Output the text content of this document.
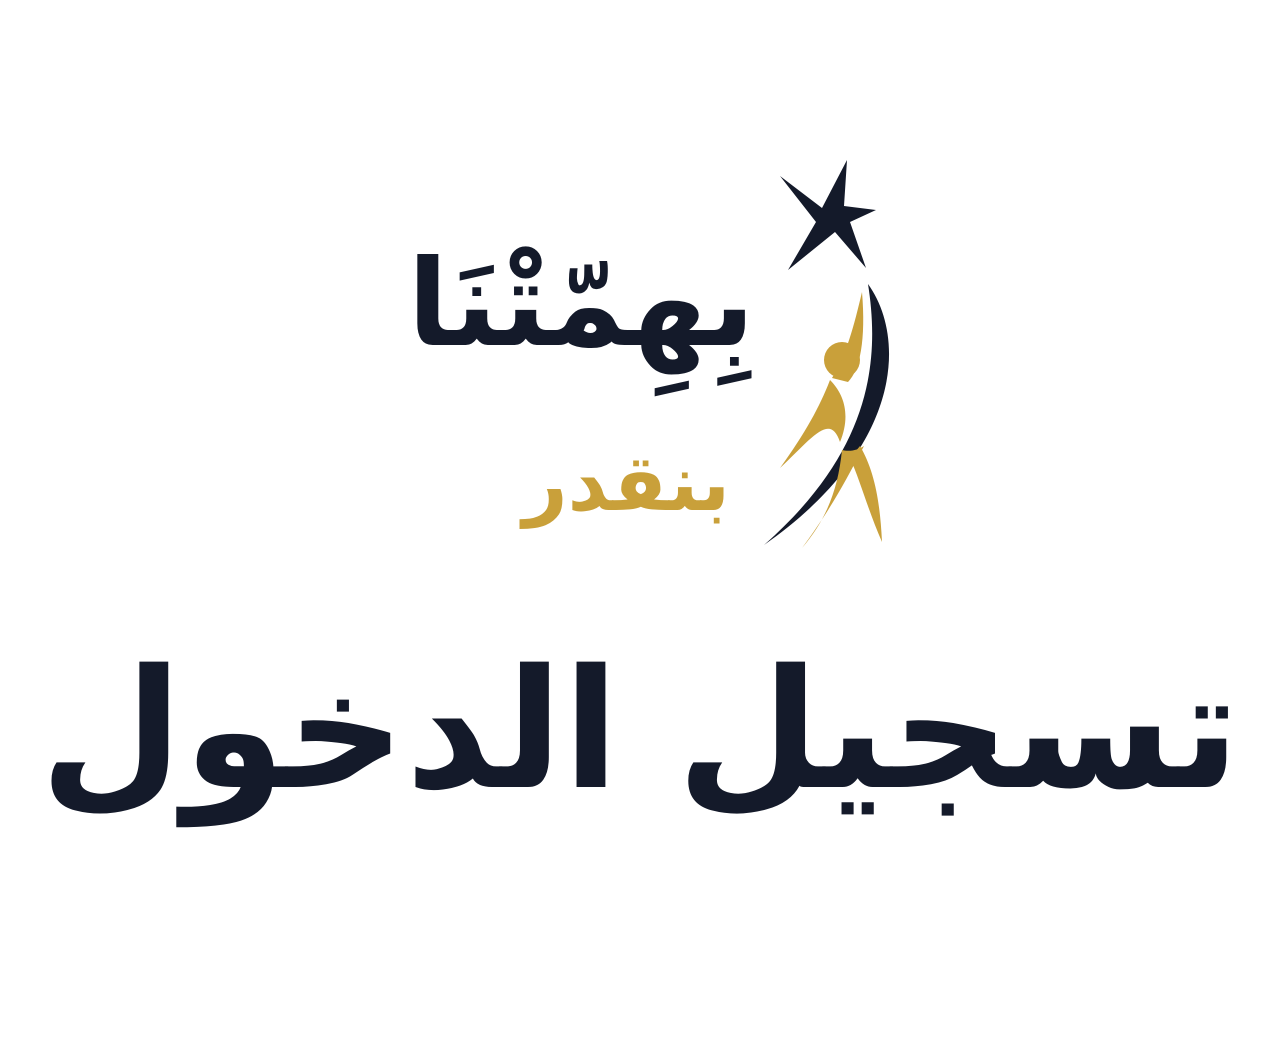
بِهِمّتْنَا
بنقدر
تسجيل الدخول
